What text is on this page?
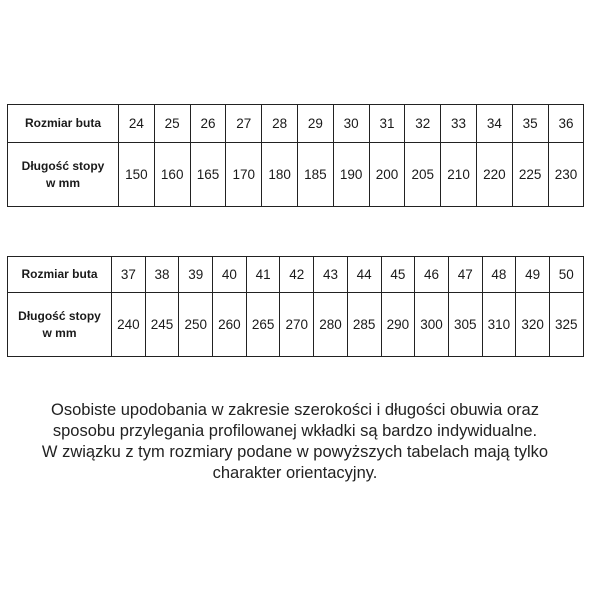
Rozmiar buta	24	25	26	27	28	29	30	31	32	33	34	35	36
Długość stopy
w mm	150	160	165	170	180	185	190	200	205	210	220	225	230
Rozmiar buta	37	38	39	40	41	42	43	44	45	46	47	48	49	50
Długość stopy
w mm	240	245	250	260	265	270	280	285	290	300	305	310	320	325
Osobiste upodobania w zakresie szerokości i długości obuwia oraz
sposobu przylegania profilowanej wkładki są bardzo indywidualne.
W związku z tym rozmiary podane w powyższych tabelach mają tylko
charakter orientacyjny.
